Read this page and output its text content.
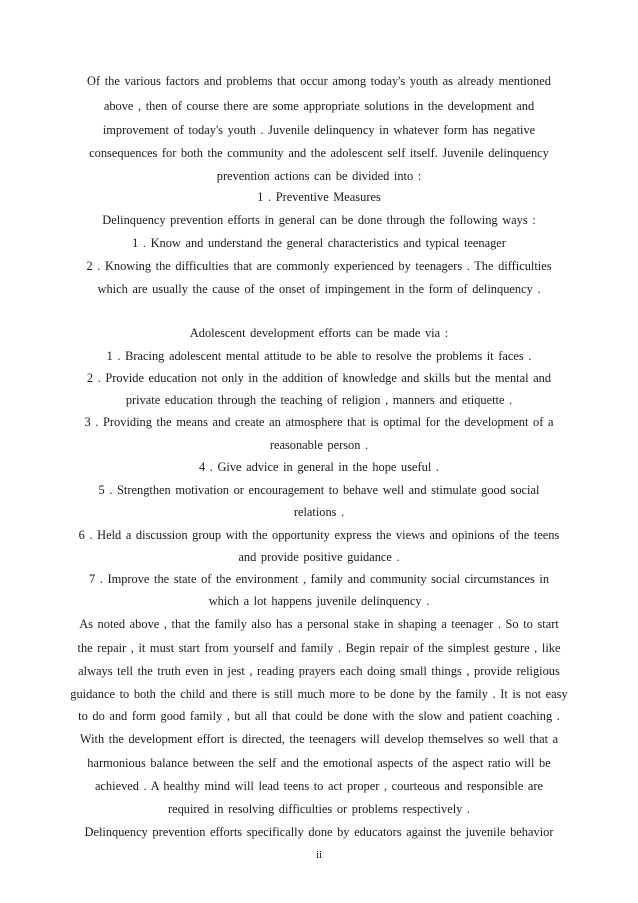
Of the various factors and problems that occur among today's youth as already mentioned
above , then of course there are some appropriate solutions in the development and
improvement of today's youth . Juvenile delinquency in whatever form has negative
consequences for both the community and the adolescent self itself. Juvenile delinquency
prevention actions can be divided into :
1 . Preventive Measures
Delinquency prevention efforts in general can be done through the following ways :
1 . Know and understand the general characteristics and typical teenager
2 . Knowing the difficulties that are commonly experienced by teenagers . The difficulties
which are usually the cause of the onset of impingement in the form of delinquency .
Adolescent development efforts can be made via :
1 . Bracing adolescent mental attitude to be able to resolve the problems it faces .
2 . Provide education not only in the addition of knowledge and skills but the mental and
private education through the teaching of religion , manners and etiquette .
3 . Providing the means and create an atmosphere that is optimal for the development of a
reasonable person .
4 . Give advice in general in the hope useful .
5 . Strengthen motivation or encouragement to behave well and stimulate good social
relations .
6 . Held a discussion group with the opportunity express the views and opinions of the teens
and provide positive guidance .
7 . Improve the state of the environment , family and community social circumstances in
which a lot happens juvenile delinquency .
As noted above , that the family also has a personal stake in shaping a teenager . So to start
the repair , it must start from yourself and family . Begin repair of the simplest gesture , like
always tell the truth even in jest , reading prayers each doing small things , provide religious
guidance to both the child and there is still much more to be done by the family . It is not easy
to do and form good family , but all that could be done with the slow and patient coaching .
With the development effort is directed, the teenagers will develop themselves so well that a
harmonious balance between the self and the emotional aspects of the aspect ratio will be
achieved . A healthy mind will lead teens to act proper , courteous and responsible are
required in resolving difficulties or problems respectively .
Delinquency prevention efforts specifically done by educators against the juvenile behavior
ii
